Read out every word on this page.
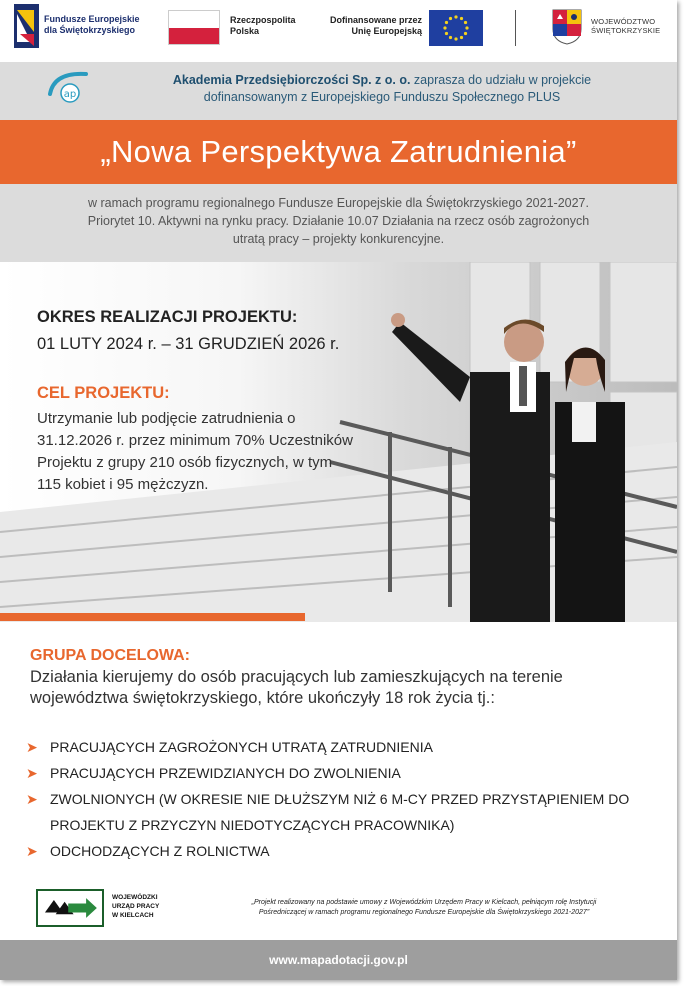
Fundusze Europejskie
dla Świętokrzyskiego
Rzeczpospolita
Polska
Dofinansowane przez
Unię Europejską
WOJEWÓDZTWO
ŚWIĘTOKRZYSKIE
ap
Akademia Przedsiębiorczości Sp. z o. o. zaprasza do udziału w projekcie
dofinansowanym z Europejskiego Funduszu Społecznego PLUS
„Nowa Perspektywa Zatrudnienia”
w ramach programu regionalnego Fundusze Europejskie dla Świętokrzyskiego 2021-2027.
Priorytet 10. Aktywni na rynku pracy. Działanie 10.07 Działania na rzecz osób zagrożonych
utratą pracy – projekty konkurencyjne.
OKRES REALIZACJI PROJEKTU:
01 LUTY 2024 r. – 31 GRUDZIEŃ 2026 r.
CEL PROJEKTU:
Utrzymanie lub podjęcie zatrudnienia o 31.12.2026 r. przez minimum 70% Uczestników Projektu z grupy 210 osób fizycznych, w tym 115 kobiet i 95 mężczyzn.
GRUPA DOCELOWA:
Działania kierujemy do osób pracujących lub zamieszkujących na terenie województwa świętokrzyskiego, które ukończyły 18 rok życia tj.:
➤ PRACUJĄCYCH ZAGROŻONYCH UTRATĄ ZATRUDNIENIA
➤ PRACUJĄCYCH PRZEWIDZIANYCH DO ZWOLNIENIA
➤ ZWOLNIONYCH (W OKRESIE NIE DŁUŻSZYM NIŻ 6 M-CY PRZED PRZYSTĄPIENIEM DO PROJEKTU Z PRZYCZYN NIEDOTYCZĄCYCH PRACOWNIKA)
➤ ODCHODZĄCYCH Z ROLNICTWA
WOJEWÓDZKI
URZĄD PRACY
W KIELCACH
„Projekt realizowany na podstawie umowy z Wojewódzkim Urzędem Pracy w Kielcach, pełniącym rolę Instytucji
Pośredniczącej w ramach programu regionalnego Fundusze Europejskie dla Świętokrzyskiego 2021-2027”
www.mapadotacji.gov.pl
